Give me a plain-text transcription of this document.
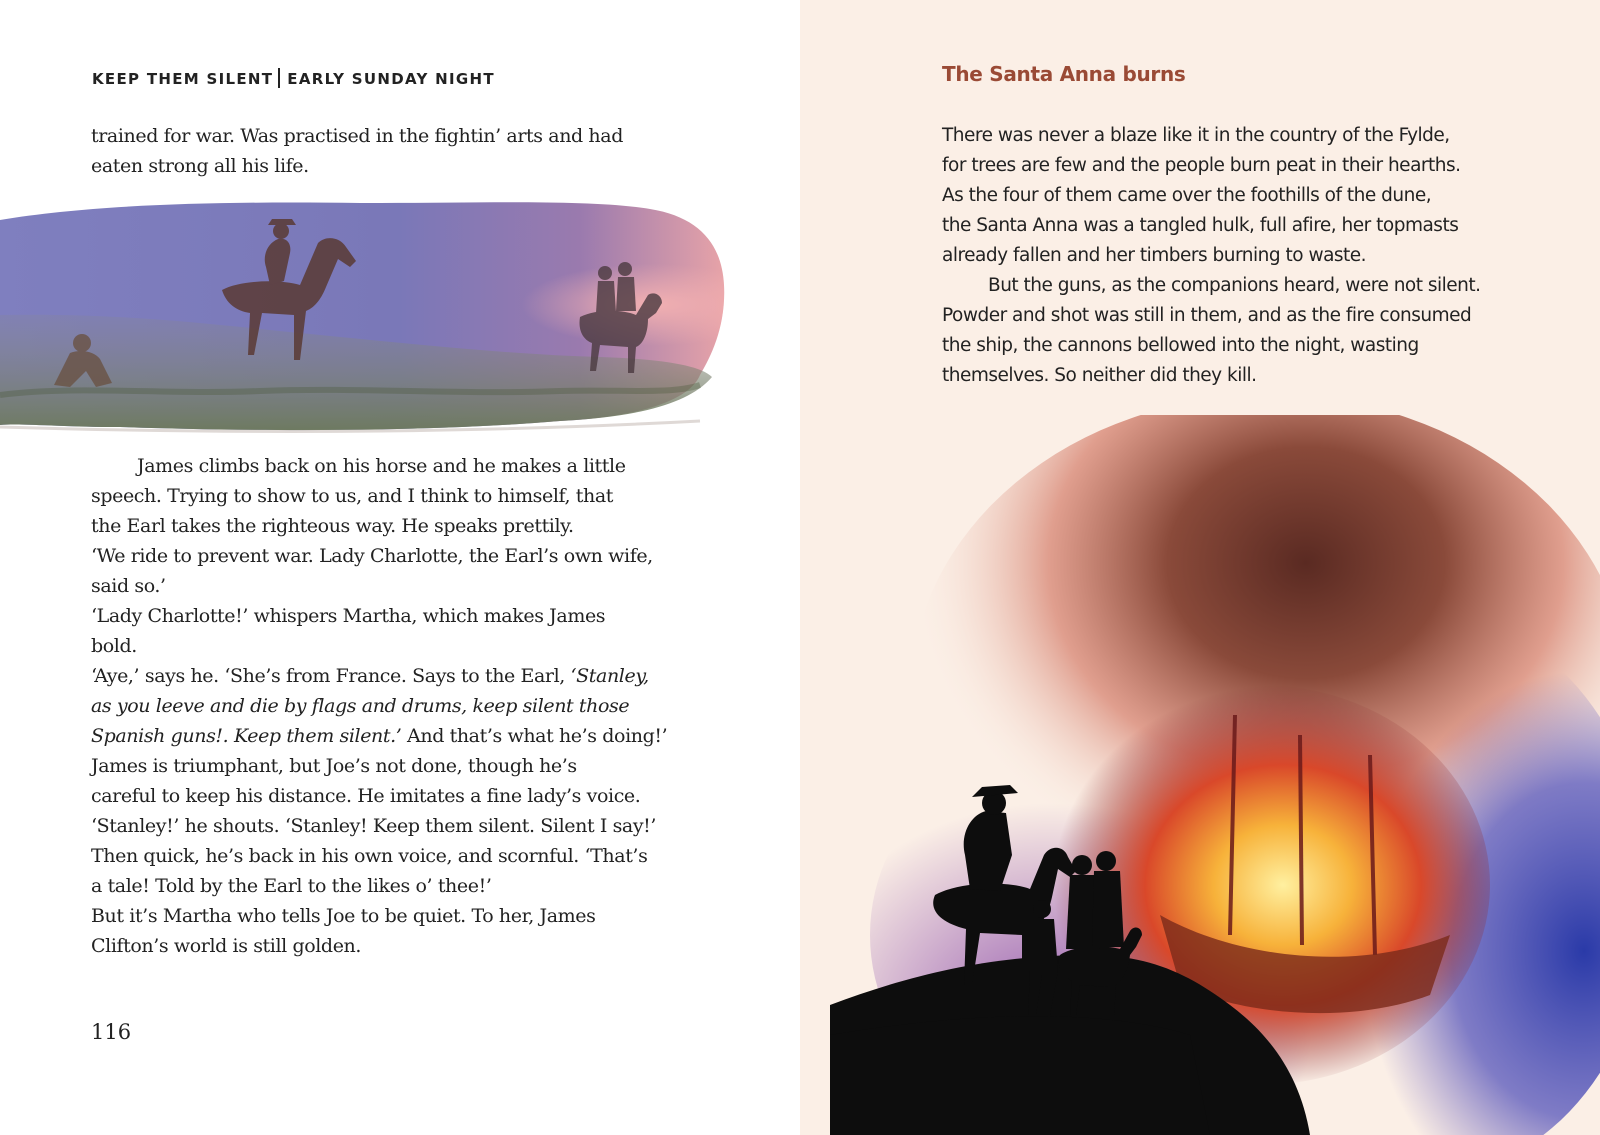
KEEP THEM SILENT EARLY SUNDAY NIGHT

trained for war. Was practised in the fightin’ arts and had
eaten strong all his life.

James climbs back on his horse and he makes a little
speech. Trying to show to us, and I think to himself, that
the Earl takes the righteous way. He speaks prettily.

‘We ride to prevent war. Lady Charlotte, the Earl’s own wife,
said so.’

‘Lady Charlotte!’ whispers Martha, which makes James
bold.

‘Aye,’ says he. ‘She’s from France. Says to the Earl, ‘Stanley,
as you leeve and die by flags and drums, keep silent those
Spanish guns!. Keep them silent.’ And that’s what he’s doing!’

James is triumphant, but Joe’s not done, though he’s
careful to keep his distance. He imitates a fine lady’s voice.

‘Stanley!’ he shouts. ‘Stanley! Keep them silent. Silent I say!’

Then quick, he’s back in his own voice, and scornful. ‘That’s
a tale! Told by the Earl to the likes o’ thee!’

But it’s Martha who tells Joe to be quiet. To her, James
Clifton’s world is still golden.

116
The Santa Anna burns

There was never a blaze like it in the country of the Fylde,
for trees are few and the people burn peat in their hearths.
As the four of them came over the foothills of the dune,
the Santa Anna was a tangled hulk, full afire, her topmasts
already fallen and her timbers burning to waste.

But the guns, as the companions heard, were not silent.
Powder and shot was still in them, and as the fire consumed
the ship, the cannons bellowed into the night, wasting
themselves. So neither did they kill.
